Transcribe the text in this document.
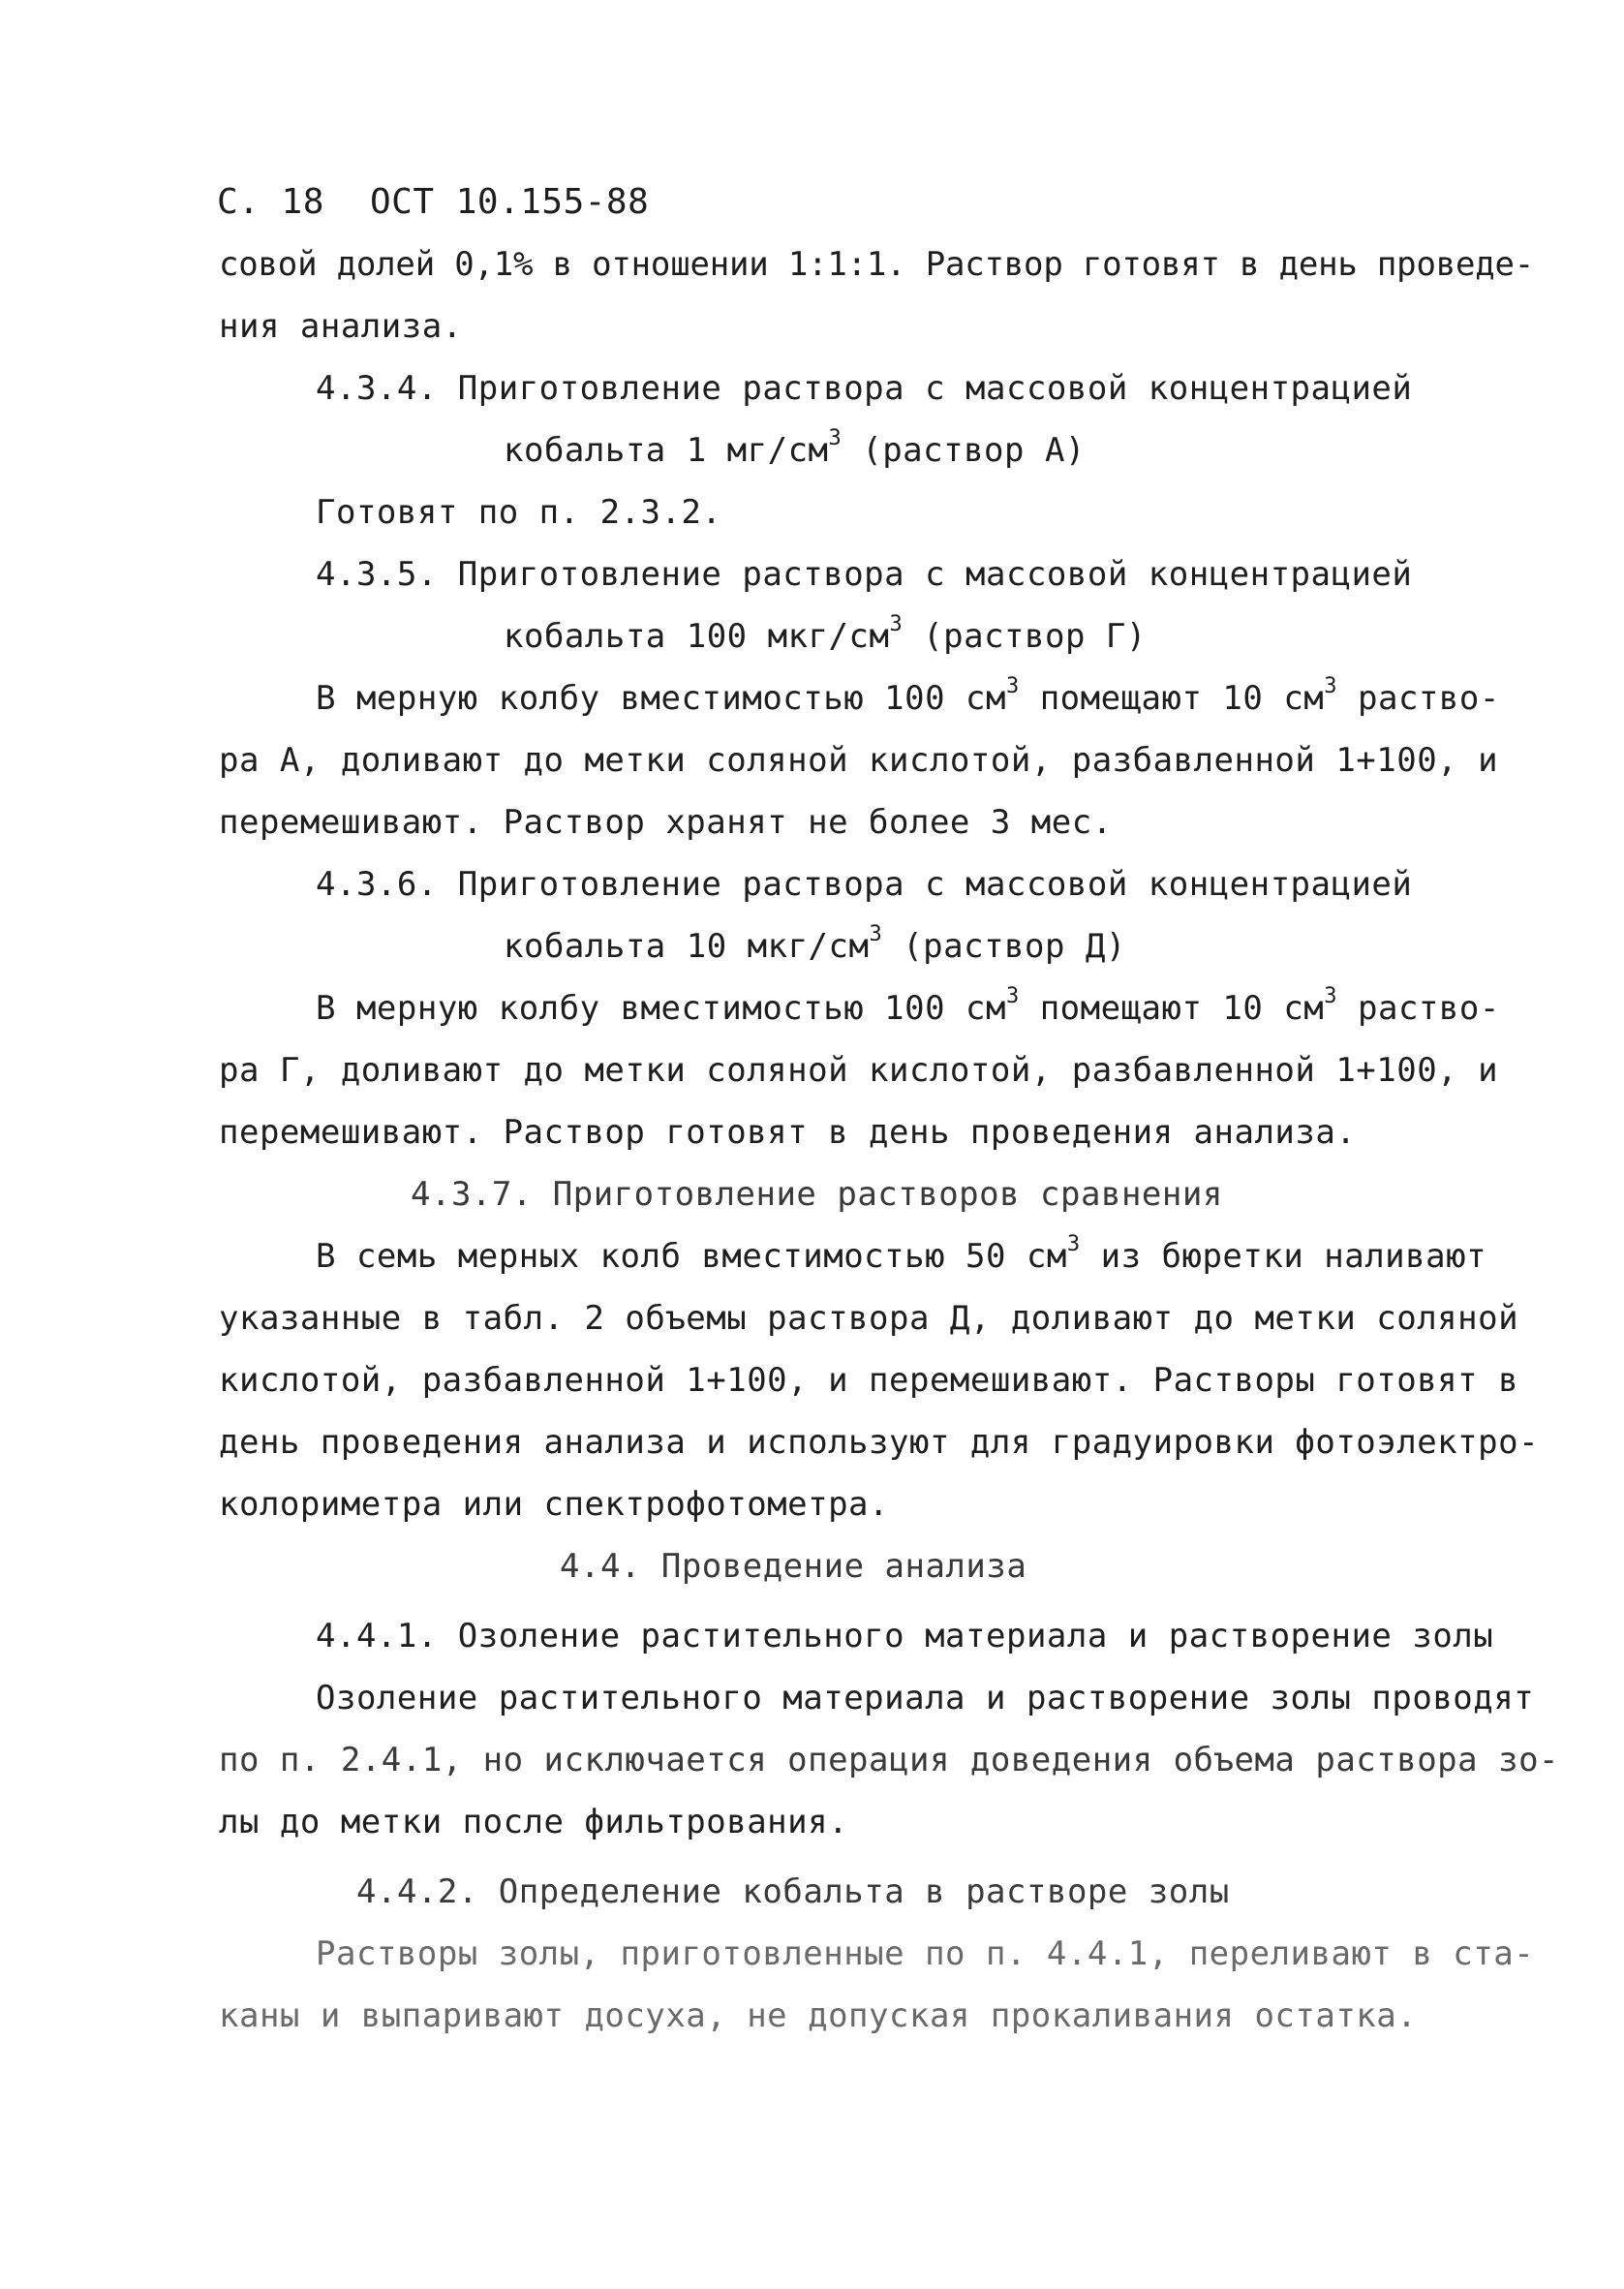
С. 18 ОСТ 10.155-88
совой долей 0,1% в отношении 1:1:1. Раствор готовят в день проведе-
ния анализа.
4.3.4. Приготовление раствора с массовой концентрацией
кобальта 1 $мг/см^3$ (раствор А)
Готовят по п. 2.3.2.
4.3.5. Приготовление раствора с массовой концентрацией
кобальта 100 мкг/$см^3$ (раствор Г)
В мерную колбу вместимостью 100 $см^3$ помещают 10 $см^3$ раство-
ра А, доливают до метки соляной кислотой, разбавленной 1+100, и
перемешивают. Раствор хранят не более 3 мес.
4.3.6. Приготовление раствора с массовой концентрацией
кобальта 10 мкг/$см^3$ (раствор Д)
В мерную колбу вместимостью 100 $см^3$ помещают 10 $см^3$ раство-
ра Г, доливают до метки соляной кислотой, разбавленной 1+100, и
перемешивают. Раствор готовят в день проведения анализа.
4.3.7. Приготовление растворов сравнения
В семь мерных колб вместимостью 50 $см^3$ из бюретки наливают
указанные в табл. 2 объемы раствора Д, доливают до метки соляной
кислотой, разбавленной 1+100, и перемешивают. Растворы готовят в
день проведения анализа и используют для градуировки фотоэлектро-
колориметра или спектрофотометра.
4.4. Проведение анализа
4.4.1. Озоление растительного материала и растворение золы
Озоление растительного материала и растворение золы проводят
по п. 2.4.1, но исключается операция доведения объема раствора зо-
лы до метки после фильтрования.
4.4.2. Определение кобальта в растворе золы
Растворы золы, приготовленные по п. 4.4.1, переливают в ста-
каны и выпаривают досуха, не допуская прокаливания остатка.
